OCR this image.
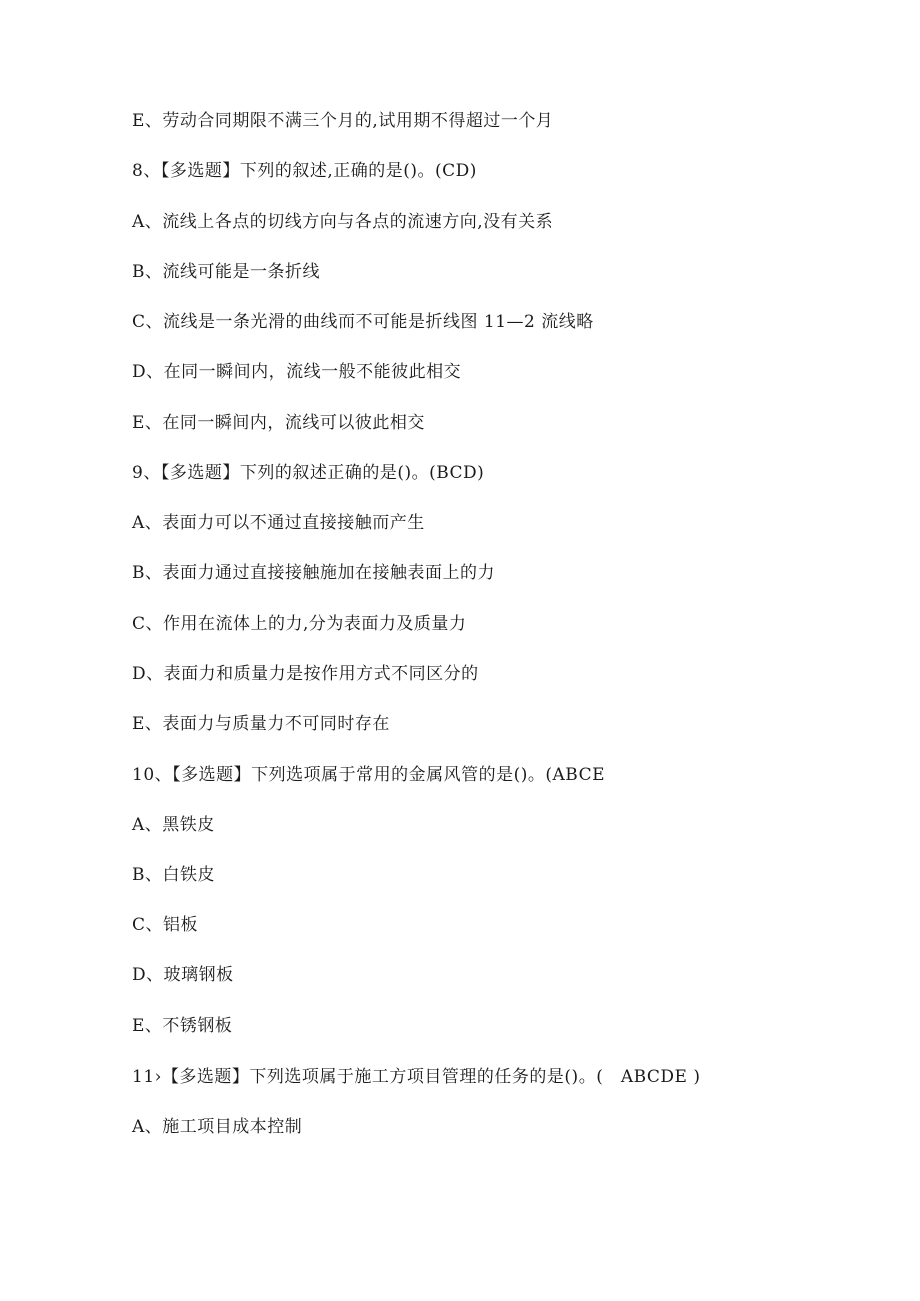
E、劳动合同期限不满三个月的,试用期不得超过一个月
8、【多选题】下列的叙述,正确的是()。(CD)
A、流线上各点的切线方向与各点的流速方向,没有关系
B、流线可能是一条折线
C、流线是一条光滑的曲线而不可能是折线图 11—2 流线略
D、在同一瞬间内，流线一般不能彼此相交
E、在同一瞬间内，流线可以彼此相交
9、【多选题】下列的叙述正确的是()。(BCD)
A、表面力可以不通过直接接触而产生
B、表面力通过直接接触施加在接触表面上的力
C、作用在流体上的力,分为表面力及质量力
D、表面力和质量力是按作用方式不同区分的
E、表面力与质量力不可同时存在
10、【多选题】下列选项属于常用的金属风管的是()。(ABCE
A、黑铁皮
B、白铁皮
C、铝板
D、玻璃钢板
E、不锈钢板
11›【多选题】下列选项属于施工方项目管理的任务的是()。(　ABCDE )
A、施工项目成本控制
